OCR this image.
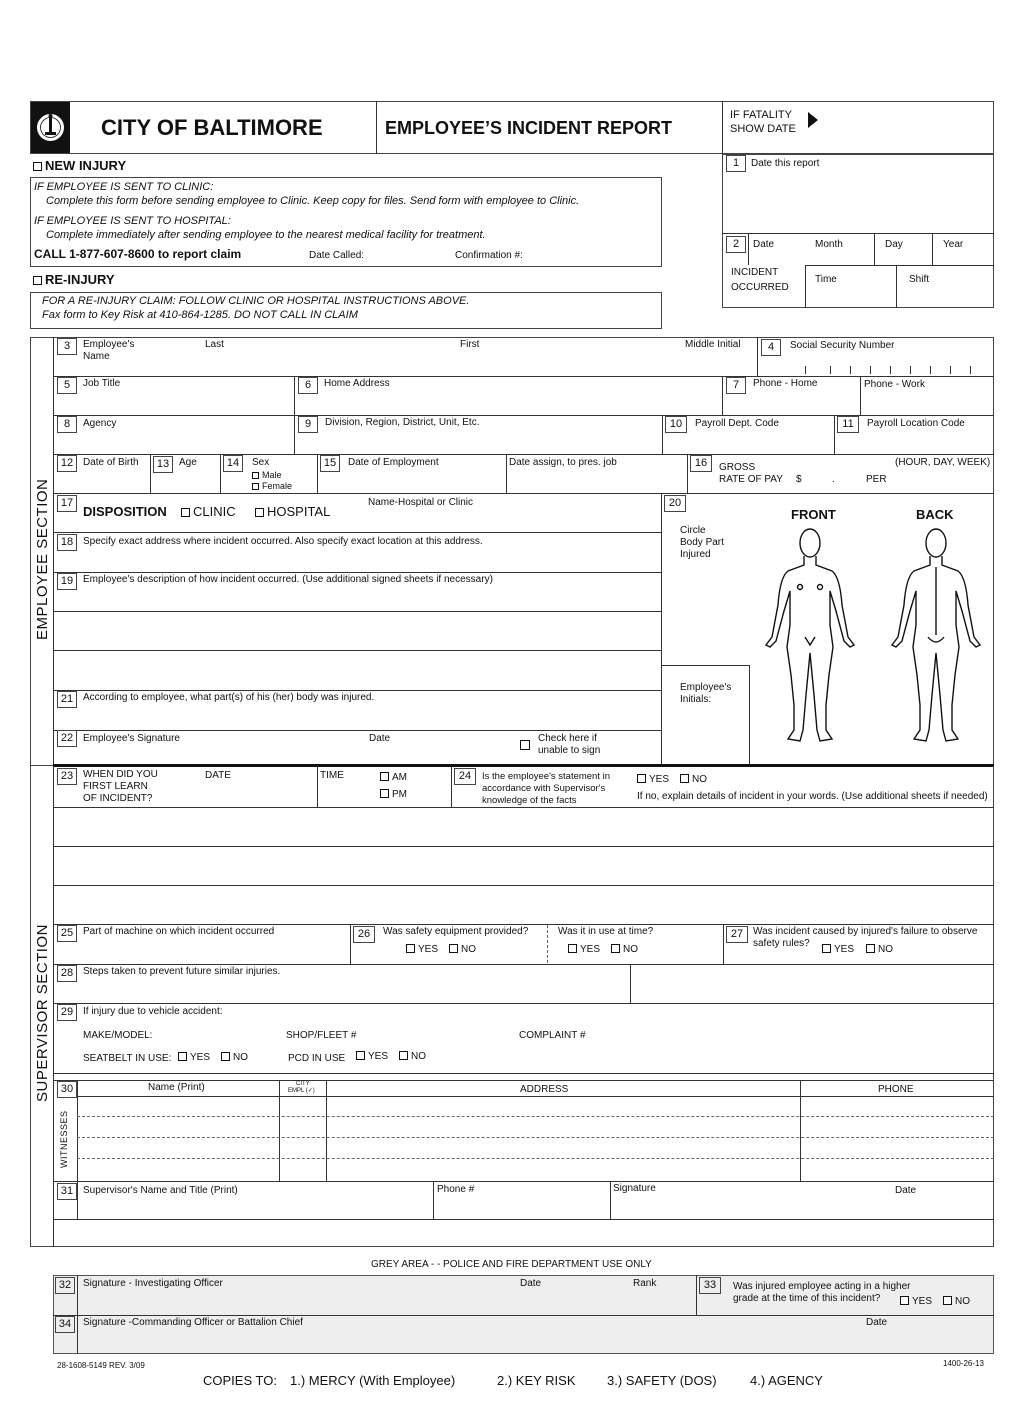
CITY OF BALTIMORE	EMPLOYEE’S INCIDENT REPORT
IF FATALITY
SHOW DATE
NEW INJURY
IF EMPLOYEE IS SENT TO CLINIC:
Complete this form before sending employee to Clinic. Keep copy for files. Send form with employee to Clinic.
IF EMPLOYEE IS SENT TO HOSPITAL:
Complete immediately after sending employee to the nearest medical facility for treatment.
CALL 1-877-607-8600 to report claim	Date Called:	Confirmation #:
RE-INJURY
FOR A RE-INJURY CLAIM: FOLLOW CLINIC OR HOSPITAL INSTRUCTIONS ABOVE.
Fax form to Key Risk at 410-864-1285. DO NOT CALL IN CLAIM
1	Date this report
2	Date	Month	Day	Year
INCIDENT
OCCURRED
Time	Shift
EMPLOYEE SECTION
3	Employee's
Name
Last	First	Middle Initial	4	Social Security Number
5	Job Title	6	Home Address	7	Phone - Home	Phone - Work
8	Agency	9	Division, Region, District, Unit, Etc.	10	Payroll Dept. Code	11	Payroll Location Code
12 Date of Birth	13 Age	14	Sex
Male
Female
15	Date of Employment	Date assign, to pres. job	16	GROSS
RATE OF PAY $	.	PER
(HOUR, DAY, WEEK)
17
DISPOSITION	CLINIC	HOSPITAL
Name-Hospital or Clinic	20
Circle
Body Part
Injured
FRONT	BACK
Employee's
Initials:
18 Specify exact address where incident occurred. Also specify exact location at this address.
19 Employee's description of how incident occurred. (Use additional signed sheets if necessary)
21 According to employee, what part(s) of his (her) body was injured.
22 Employee's Signature	Date	Check here if
unable to sign
SUPERVISOR SECTION
23 WHEN DID YOU
FIRST LEARN
OF INCIDENT?
DATE	TIME	AM
PM
24	Is the employee's statement in
accordance with Supervisor's
knowledge of the facts
YES	NO
If no, explain details of incident in your words. (Use additional sheets if needed)
25 Part of machine on which incident occurred	26	Was safety equipment provided?
YES	NO
Was it in use at time?
YES	NO
27 Was incident caused by injured's failure to observe
safety rules?
YES	NO
28 Steps taken to prevent future similar injuries.
29 If injury due to vehicle accident:
MAKE/MODEL:	SHOP/FLEET #	COMPLAINT #
SEATBELT IN USE:	YES	NO	PCD IN USE	YES	NO
30
WITNESSES
Name (Print)	CITY
EMPL (✓)	ADDRESS	PHONE
31 Supervisor's Name and Title (Print)	Phone #	Signature	Date
GREY AREA - - POLICE AND FIRE DEPARTMENT USE ONLY
32	Signature - Investigating Officer	Date	Rank	33	Was injured employee acting in a higher
grade at the time of this incident?	YES	NO
34	Signature -Commanding Officer or Battalion Chief	Date
28-1608-5149 REV. 3/09	1400-26-13
COPIES TO: 1.) MERCY (With Employee)	2.) KEY RISK 3.) SAFETY (DOS)	4.) AGENCY
